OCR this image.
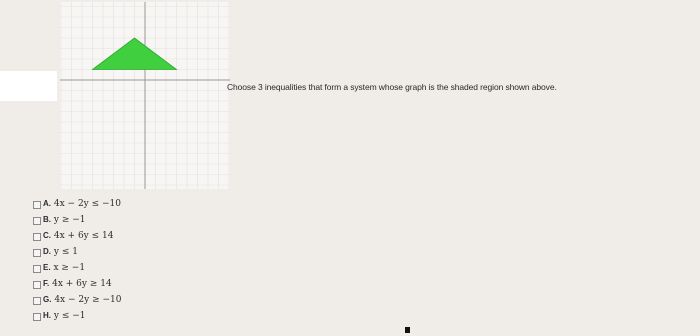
Choose 3 inequalities that form a system whose graph is the shaded region shown above.
A. 4x − 2y ≤ −10
B. y ≥ −1
C. 4x + 6y ≤ 14
D. y ≤ 1
E. x ≥ −1
F. 4x + 6y ≥ 14
G. 4x − 2y ≥ −10
H. y ≤ −1
